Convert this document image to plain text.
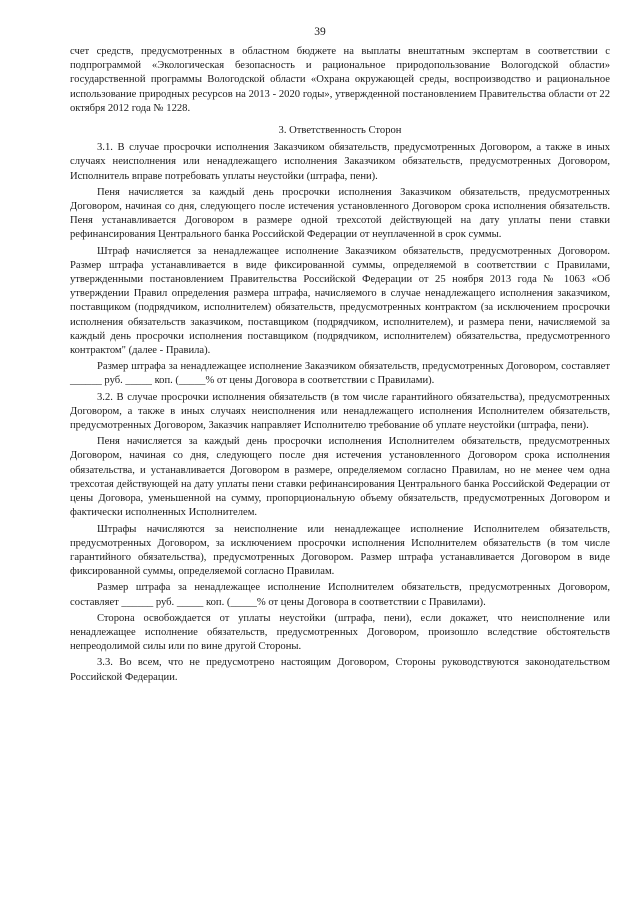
39

счет средств, предусмотренных в областном бюджете на выплаты внештатным экспертам в соответствии с подпрограммой «Экологическая безопасность и рациональное природопользование Вологодской области» государственной программы Вологодской области «Охрана окружающей среды, воспроизводство и рациональное использование природных ресурсов на 2013 - 2020 годы», утвержденной постановлением Правительства области от 22 октября 2012 года № 1228.

3. Ответственность Сторон

3.1. В случае просрочки исполнения Заказчиком обязательств, предусмотренных Договором, а также в иных случаях неисполнения или ненадлежащего исполнения Заказчиком обязательств, предусмотренных Договором, Исполнитель вправе потребовать уплаты неустойки (штрафа, пени).

Пеня начисляется за каждый день просрочки исполнения Заказчиком обязательств, предусмотренных Договором, начиная со дня, следующего после истечения установленного Договором срока исполнения обязательств. Пеня устанавливается Договором в размере одной трехсотой действующей на дату уплаты пени ставки рефинансирования Центрального банка Российской Федерации от неуплаченной в срок суммы.

Штраф начисляется за ненадлежащее исполнение Заказчиком обязательств, предусмотренных Договором. Размер штрафа устанавливается в виде фиксированной суммы, определяемой в соответствии с Правилами, утвержденными постановлением Правительства Российской Федерации от 25 ноября 2013 года № 1063 «Об утверждении Правил определения размера штрафа, начисляемого в случае ненадлежащего исполнения заказчиком, поставщиком (подрядчиком, исполнителем) обязательств, предусмотренных контрактом (за исключением просрочки исполнения обязательств заказчиком, поставщиком (подрядчиком, исполнителем), и размера пени, начисляемой за каждый день просрочки исполнения поставщиком (подрядчиком, исполнителем) обязательства, предусмотренного контрактом" (далее - Правила).

Размер штрафа за ненадлежащее исполнение Заказчиком обязательств, предусмотренных Договором, составляет ______ руб. _____ коп. (_____% от цены Договора в соответствии с Правилами).

3.2. В случае просрочки исполнения обязательств (в том числе гарантийного обязательства), предусмотренных Договором, а также в иных случаях неисполнения или ненадлежащего исполнения Исполнителем обязательств, предусмотренных Договором, Заказчик направляет Исполнителю требование об уплате неустойки (штрафа, пени).

Пеня начисляется за каждый день просрочки исполнения Исполнителем обязательств, предусмотренных Договором, начиная со дня, следующего после дня истечения установленного Договором срока исполнения обязательства, и устанавливается Договором в размере, определяемом согласно Правилам, но не менее чем одна трехсотая действующей на дату уплаты пени ставки рефинансирования Центрального банка Российской Федерации от цены Договора, уменьшенной на сумму, пропорциональную объему обязательств, предусмотренных Договором и фактически исполненных Исполнителем.

Штрафы начисляются за неисполнение или ненадлежащее исполнение Исполнителем обязательств, предусмотренных Договором, за исключением просрочки исполнения Исполнителем обязательств (в том числе гарантийного обязательства), предусмотренных Договором. Размер штрафа устанавливается Договором в виде фиксированной суммы, определяемой согласно Правилам.

Размер штрафа за ненадлежащее исполнение Исполнителем обязательств, предусмотренных Договором, составляет ______ руб. _____ коп. (_____% от цены Договора в соответствии с Правилами).

Сторона освобождается от уплаты неустойки (штрафа, пени), если докажет, что неисполнение или ненадлежащее исполнение обязательств, предусмотренных Договором, произошло вследствие обстоятельств непреодолимой силы или по вине другой Стороны.

3.3. Во всем, что не предусмотрено настоящим Договором, Стороны руководствуются законодательством Российской Федерации.
